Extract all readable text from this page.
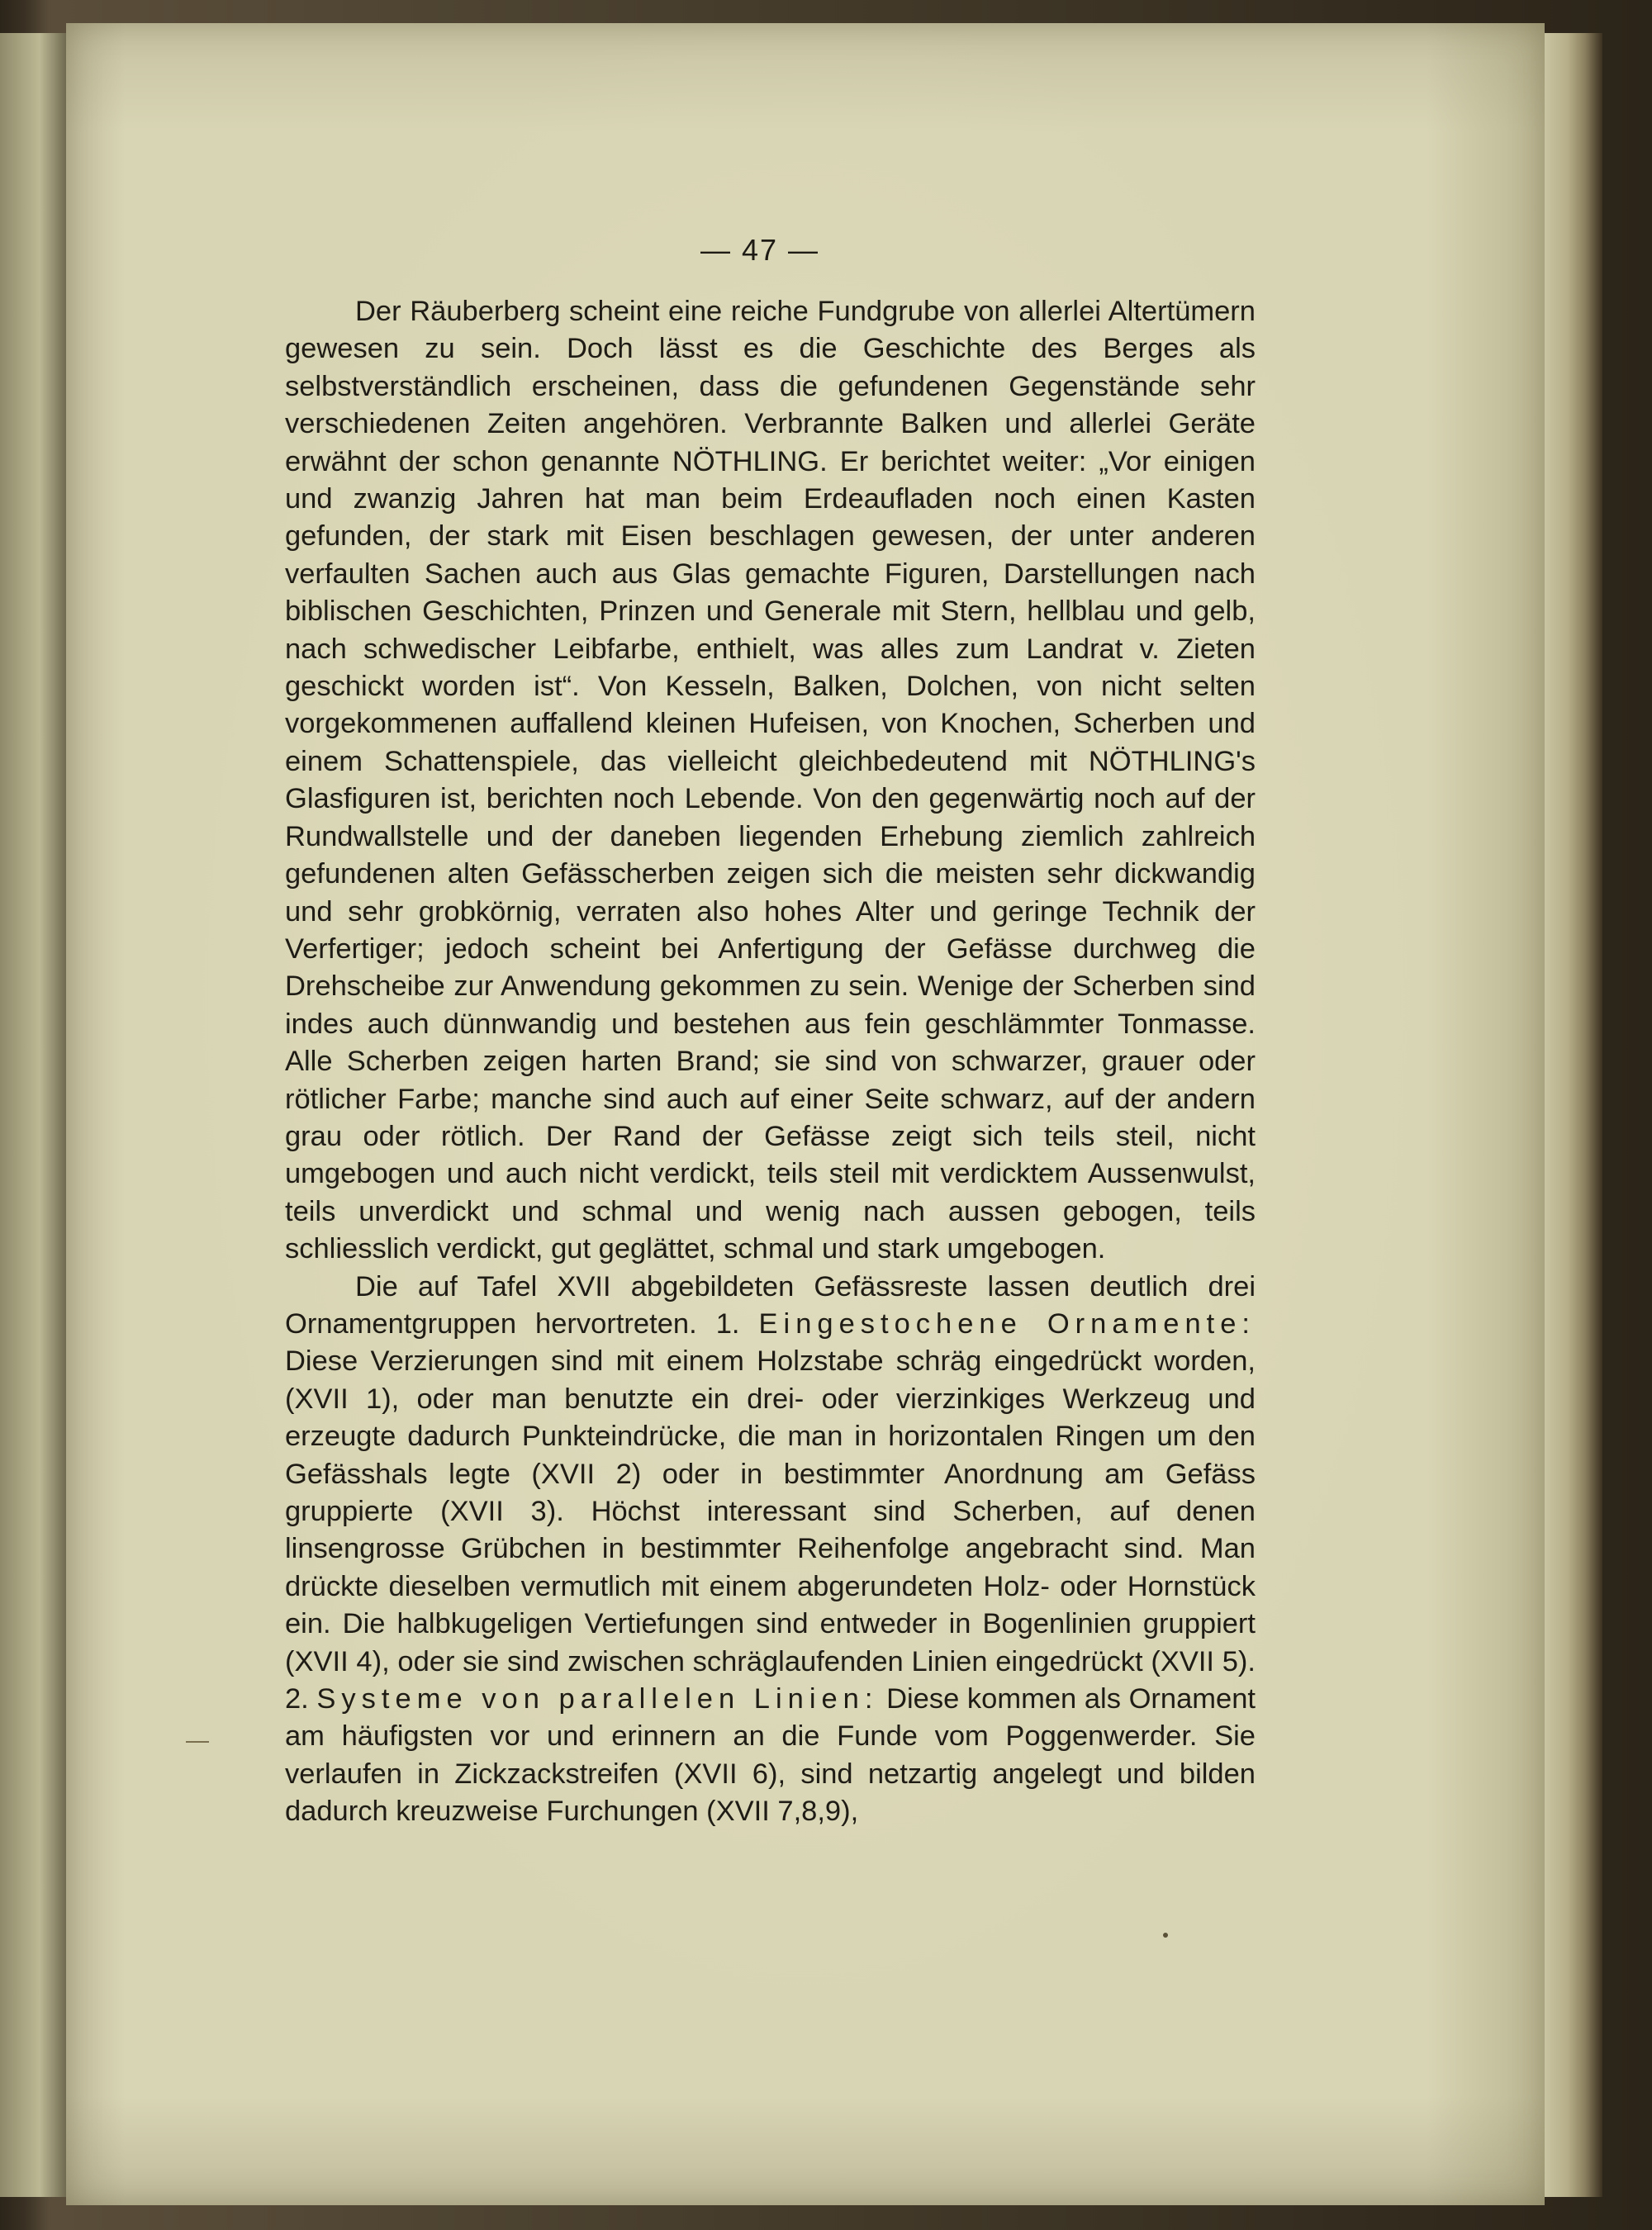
— 47 —

Der Räuberberg scheint eine reiche Fundgrube von allerlei Altertümern gewesen zu sein. Doch lässt es die Geschichte des Berges als selbstverständlich erscheinen, dass die gefundenen Gegenstände sehr verschiedenen Zeiten angehören. Verbrannte Balken und allerlei Geräte erwähnt der schon genannte NÖTHLING. Er berichtet weiter: „Vor einigen und zwanzig Jahren hat man beim Erdeaufladen noch einen Kasten gefunden, der stark mit Eisen beschlagen gewesen, der unter anderen verfaulten Sachen auch aus Glas gemachte Figuren, Darstellungen nach biblischen Geschichten, Prinzen und Generale mit Stern, hellblau und gelb, nach schwedischer Leibfarbe, enthielt, was alles zum Landrat v. Zieten geschickt worden ist“. Von Kesseln, Balken, Dolchen, von nicht selten vorgekommenen auffallend kleinen Hufeisen, von Knochen, Scherben und einem Schattenspiele, das vielleicht gleichbedeutend mit NÖTHLING's Glasfiguren ist, berichten noch Lebende. Von den gegenwärtig noch auf der Rundwallstelle und der daneben liegenden Erhebung ziemlich zahlreich gefundenen alten Gefässcherben zeigen sich die meisten sehr dickwandig und sehr grobkörnig, verraten also hohes Alter und geringe Technik der Verfertiger; jedoch scheint bei Anfertigung der Gefässe durchweg die Drehscheibe zur Anwendung gekommen zu sein. Wenige der Scherben sind indes auch dünnwandig und bestehen aus fein geschlämmter Tonmasse. Alle Scherben zeigen harten Brand; sie sind von schwarzer, grauer oder rötlicher Farbe; manche sind auch auf einer Seite schwarz, auf der andern grau oder rötlich. Der Rand der Gefässe zeigt sich teils steil, nicht umgebogen und auch nicht verdickt, teils steil mit verdicktem Aussenwulst, teils unverdickt und schmal und wenig nach aussen gebogen, teils schliesslich verdickt, gut geglättet, schmal und stark umgebogen.

Die auf Tafel XVII abgebildeten Gefässreste lassen deutlich drei Ornamentgruppen hervortreten. 1. Eingestochene Ornamente: Diese Verzierungen sind mit einem Holzstabe schräg eingedrückt worden, (XVII 1), oder man benutzte ein drei- oder vierzinkiges Werkzeug und erzeugte dadurch Punkteindrücke, die man in horizontalen Ringen um den Gefässhals legte (XVII 2) oder in bestimmter Anordnung am Gefäss gruppierte (XVII 3). Höchst interessant sind Scherben, auf denen linsengrosse Grübchen in bestimmter Reihenfolge angebracht sind. Man drückte dieselben vermutlich mit einem abgerundeten Holz- oder Hornstück ein. Die halbkugeligen Vertiefungen sind entweder in Bogenlinien gruppiert (XVII 4), oder sie sind zwischen schräglaufenden Linien eingedrückt (XVII 5). 2. Systeme von parallelen Linien: Diese kommen als Ornament am häufigsten vor und erinnern an die Funde vom Poggenwerder. Sie verlaufen in Zickzackstreifen (XVII 6), sind netzartig angelegt und bilden dadurch kreuzweise Furchungen (XVII 7,8,9),
